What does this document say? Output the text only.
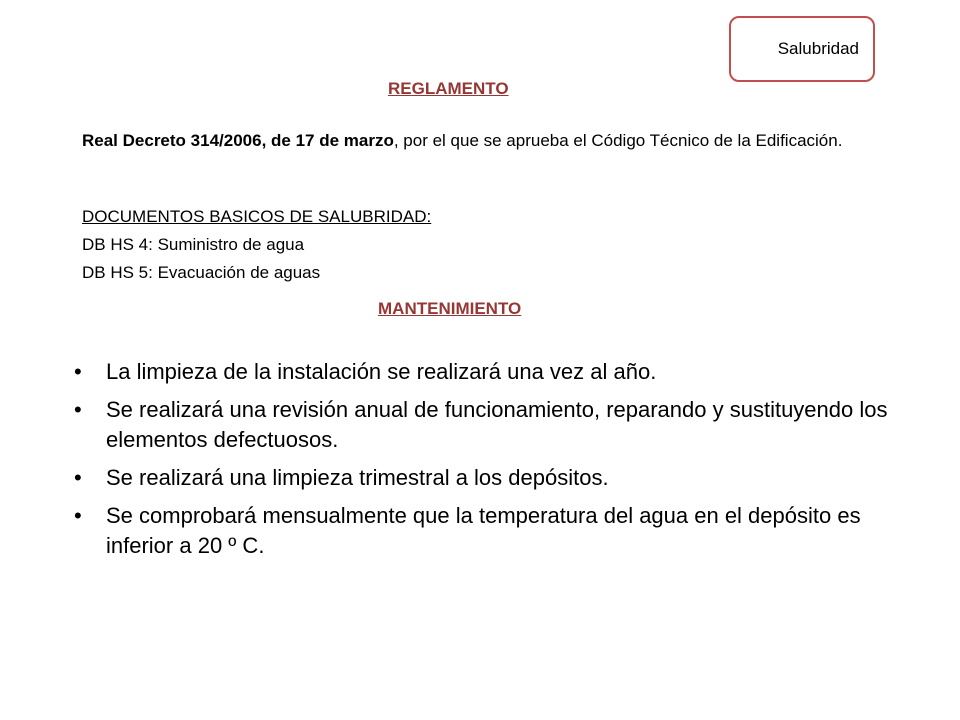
Salubridad
REGLAMENTO
Real Decreto 314/2006, de 17 de marzo, por el que se aprueba el Código Técnico de la Edificación.
DOCUMENTOS BASICOS DE SALUBRIDAD:
DB HS 4: Suministro de agua
DB HS 5: Evacuación de aguas
MANTENIMIENTO
• La limpieza de la instalación se realizará una vez al año.
• Se realizará una revisión anual de funcionamiento, reparando y sustituyendo los elementos defectuosos.
• Se realizará una limpieza trimestral a los depósitos.
• Se comprobará mensualmente que la temperatura del agua en el depósito es inferior a 20 º C.
